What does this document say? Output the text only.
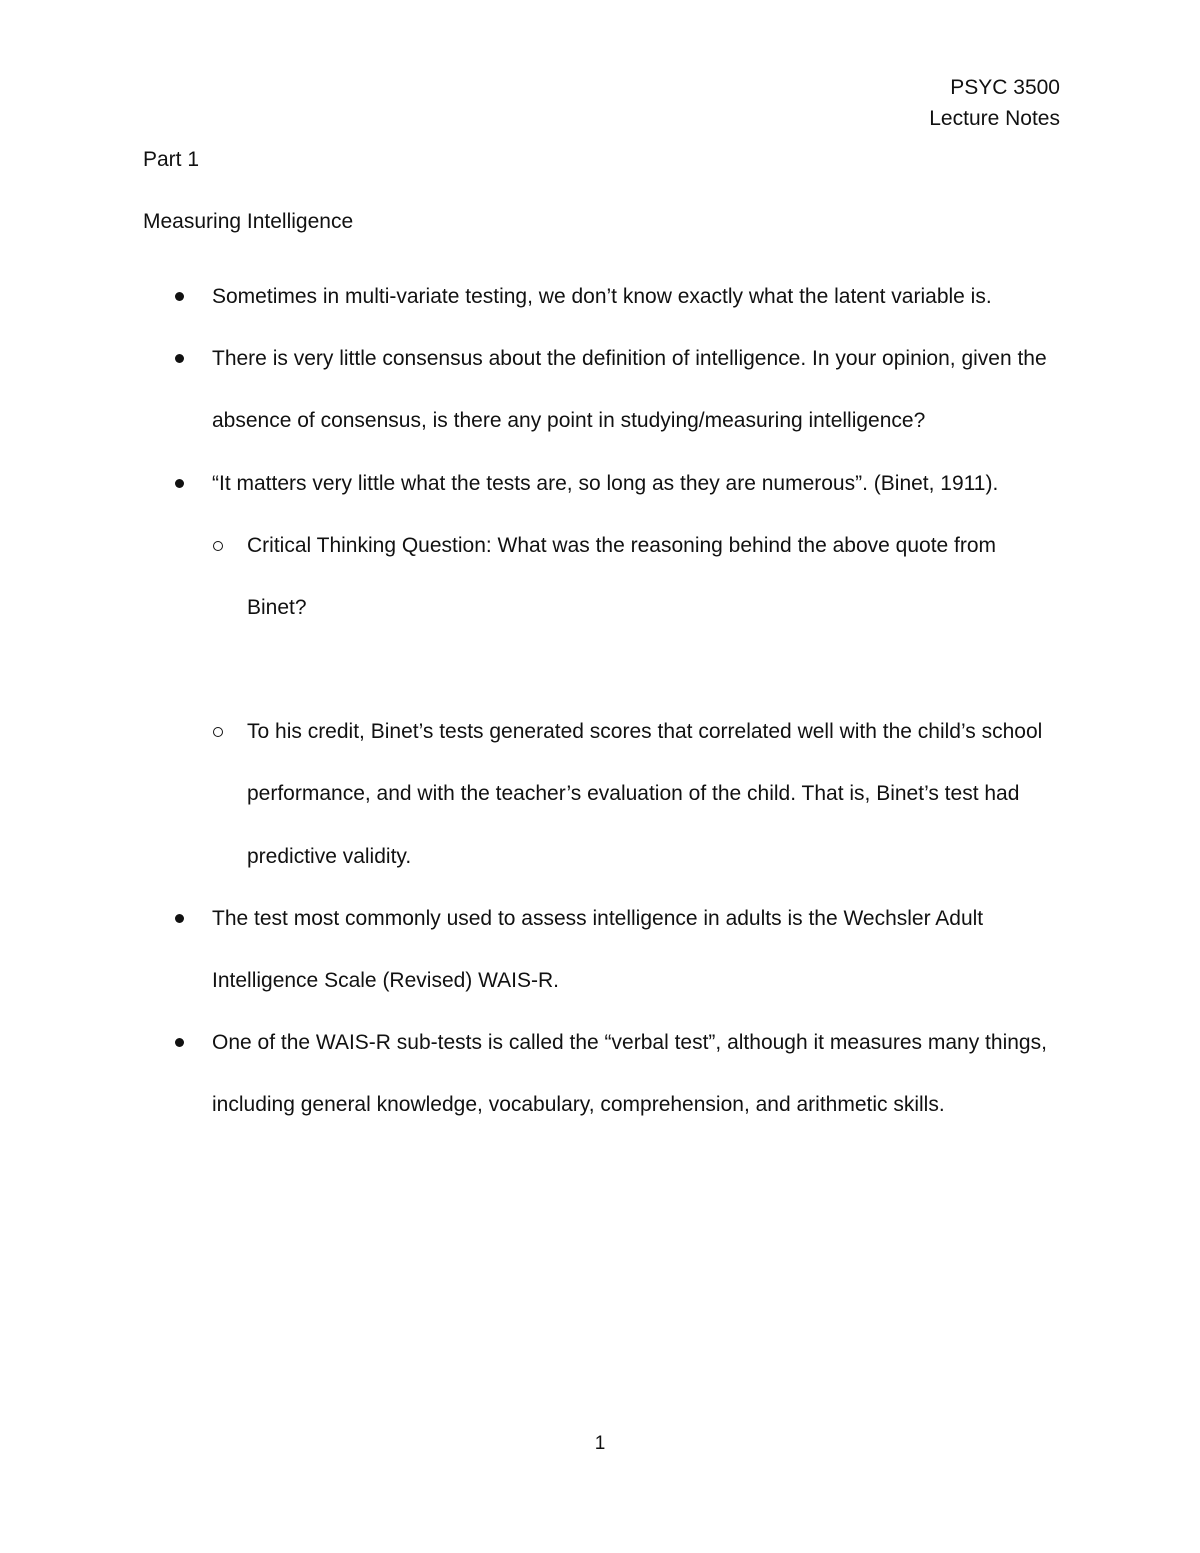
PSYC 3500
Lecture Notes
Part 1
Measuring Intelligence
Sometimes in multi-variate testing, we don’t know exactly what the latent variable is.
There is very little consensus about the definition of intelligence. In your opinion, given the absence of consensus, is there any point in studying/measuring intelligence?
“It matters very little what the tests are, so long as they are numerous”. (Binet, 1911).
Critical Thinking Question: What was the reasoning behind the above quote from Binet?
To his credit, Binet’s tests generated scores that correlated well with the child’s school performance, and with the teacher’s evaluation of the child. That is, Binet’s test had predictive validity.
The test most commonly used to assess intelligence in adults is the Wechsler Adult Intelligence Scale (Revised) WAIS-R.
One of the WAIS-R sub-tests is called the “verbal test”, although it measures many things, including general knowledge, vocabulary, comprehension, and arithmetic skills.
1
